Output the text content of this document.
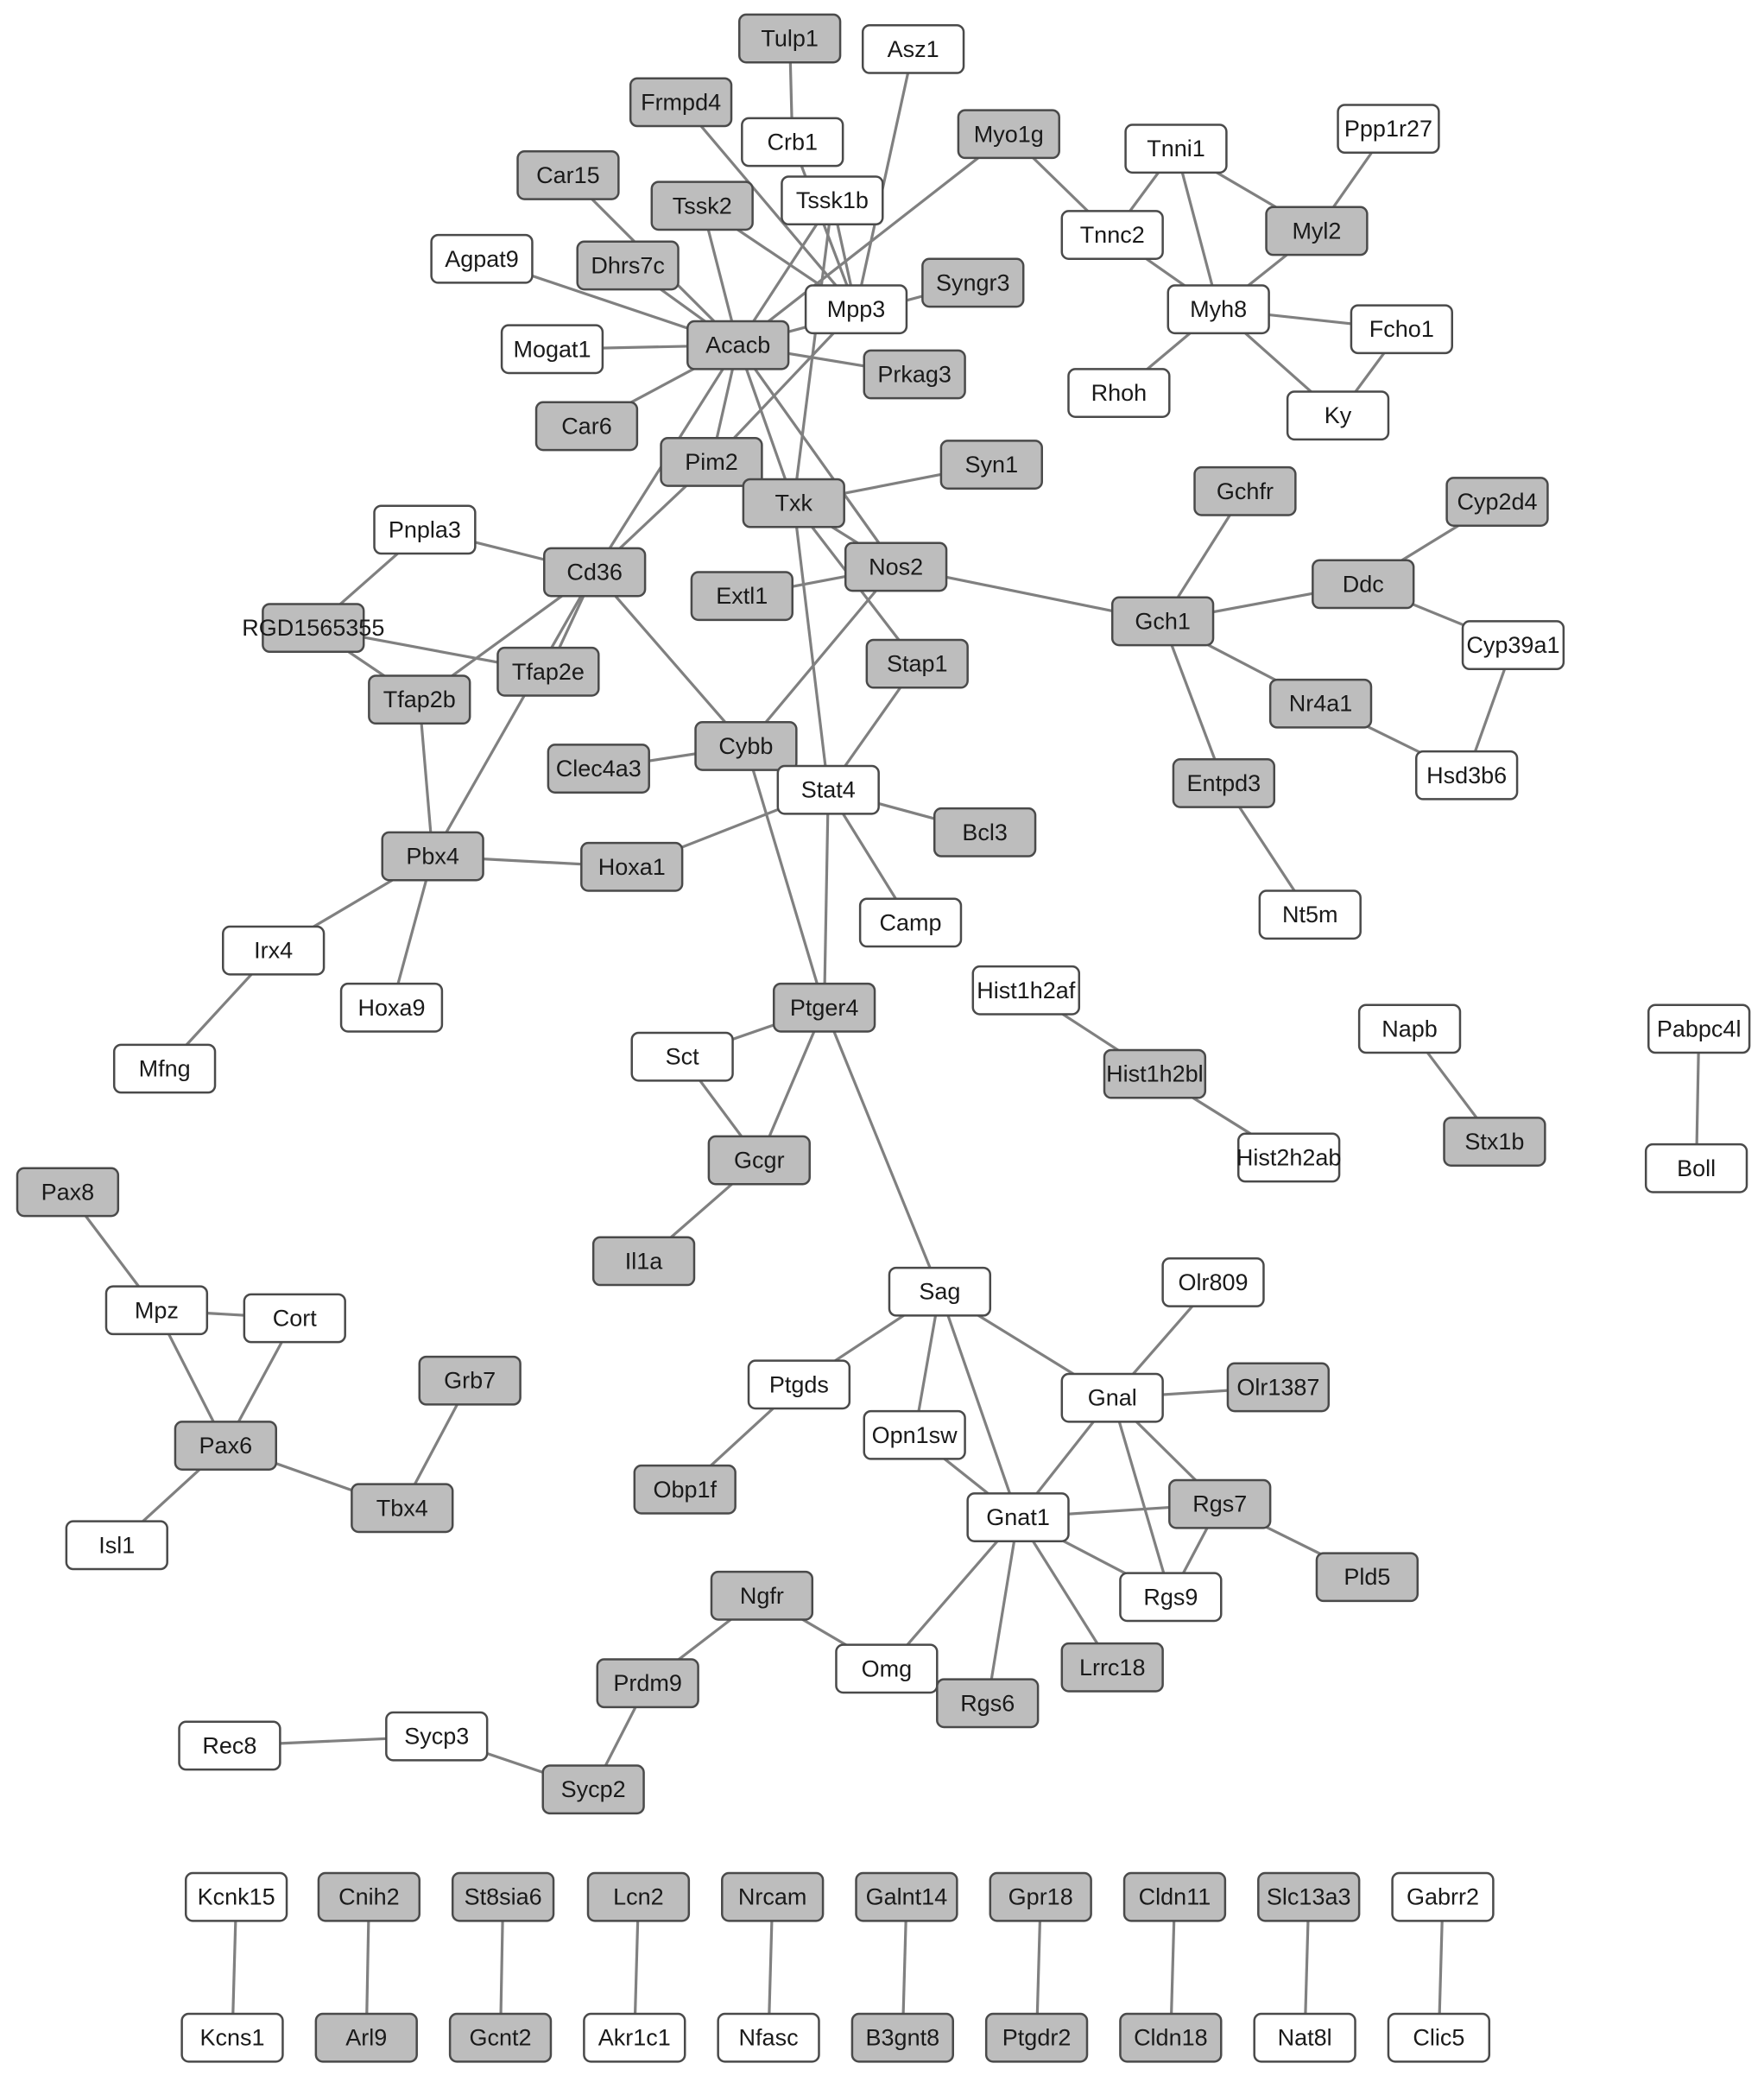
Tulp1	Asz1
Frmpd4
Crb1	Myo1g
Tnni1
Ppp1r27
Car15
Tssk2	Tssk1b
Tnnc2	Myl2
Agpat9	Dhrs7c
Syngr3
Mpp3	Myh8
Fcho1
Mogat1	Acacb
Prkag3
Rhoh
Ky
Car6
Pim2	Syn1
Gchfr	Cyp2d4
Txk
Pnpla3
Cd36	Nos2
Extl1	Ddc
Gch1
RGD1565355
Cyp39a1
Tfap2e	Stap1
Tfap2b	Nr4a1
Cybb
Clec4a3	Hsd3b6
Stat4	Entpd3
Bcl3
Pbx4	Hoxa1
Camp	Nt5m
Irx4
Hist1h2af
Ptger4
Hoxa9
Napb	Pabpc4l
Sct
Mfng	Hist1h2bl
Stx1b
Gcgr	Hist2h2ab	Boll
Pax8
Il1a
Olr809
Sag
Mpz	Cort
Grb7	Ptgds	Olr1387
Gnal
Pax6	Opn1sw
Obp1f
Tbx4	Rgs7
Gnat1
Isl1
Pld5
Ngfr	Rgs9
Omg	Lrrc18
Prdm9
Rgs6
Sycp3
Rec8
Sycp2
Kcnk15	Cnih2	St8sia6	Lcn2	Nrcam	Galnt14	Gpr18	Cldn11 Slc13a3 Gabrr2
Kcns1	Arl9	Gcnt2	Akr1c1	Nfasc	B3gnt8	Ptgdr2	Cldn18	Nat8l	Clic5
